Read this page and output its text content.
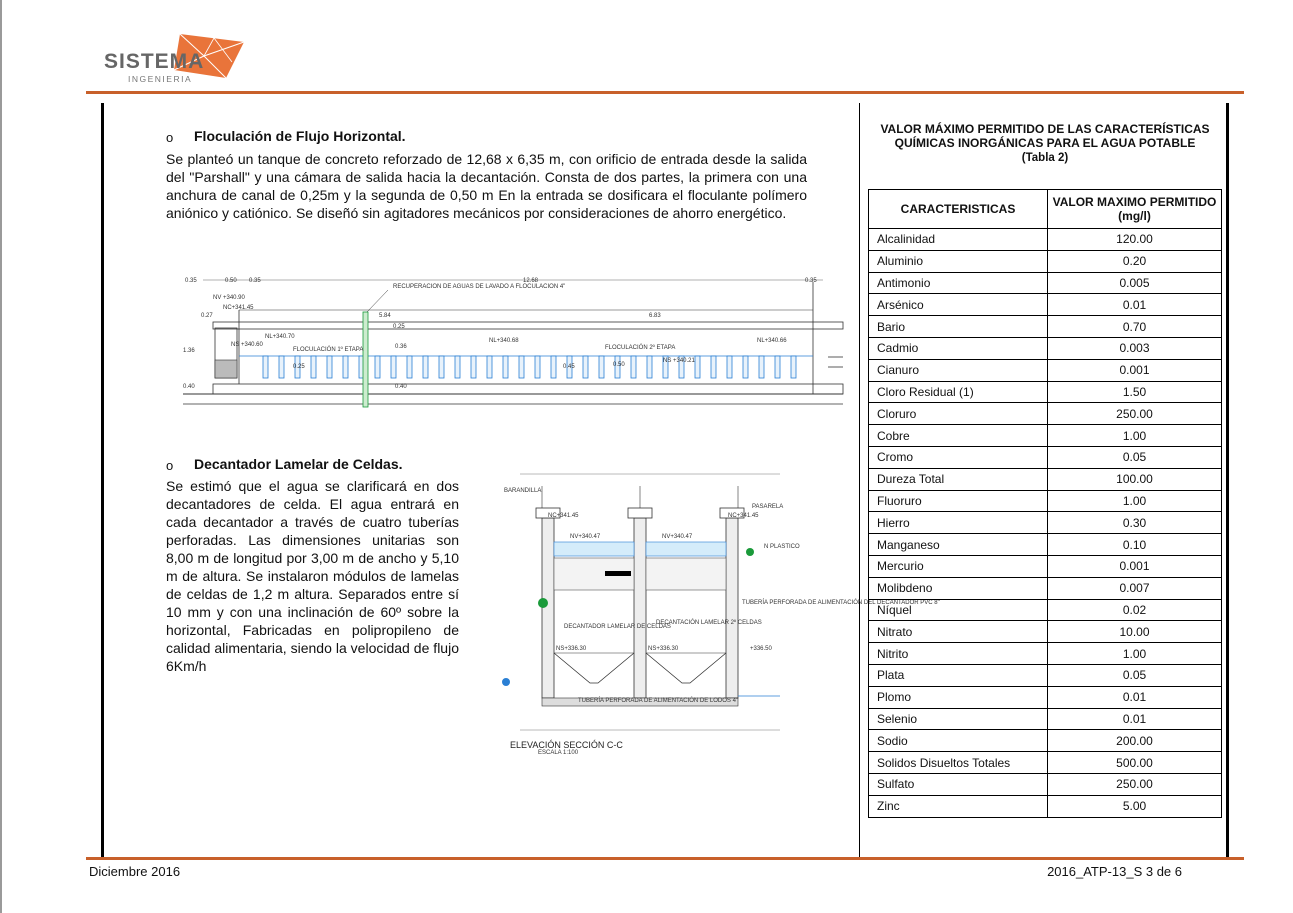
SISTEMA
INGENIERIA
o Floculación de Flujo Horizontal.
Se planteó un tanque de concreto reforzado de 12,68 x 6,35 m, con orificio de entrada desde la salida del "Parshall" y una cámara de salida hacia la decantación. Consta de dos partes, la primera con una anchura de canal de 0,25m y la segunda de 0,50 m En la entrada se dosificara el floculante polímero aniónico y catiónico. Se diseñó sin agitadores mecánicos por consideraciones de ahorro energético.
0.35	0.50 0.35	12.68	0.35
NV +340.90
NC+341.45
0.27
1.36
0.40
NS +340.60
NL+340.70
FLOCULACIÓN 1º ETAPA	FLOCULACIÓN 2º ETAPA
NL+340.68	NL+340.66
NS +340.21
RECUPERACION DE AGUAS DE LAVADO A FLOCULACION 4"
5.84	6.83
0.25
0.36
0.45	0.50
0.25
0.40
o Decantador Lamelar de Celdas.
Se estimó que el agua se clarificará en dos decantadores de celda. El agua entrará en cada decantador a través de cuatro tuberías perforadas. Las dimensiones unitarias son 8,00 m de longitud por 3,00 m de ancho y 5,10 m de altura. Se instalaron módulos de lamelas de celdas de 1,2 m altura. Separados entre sí 10 mm y con una inclinación de 60º sobre la horizontal, Fabricadas en polipropileno de calidad alimentaria, siendo la velocidad de flujo 6Km/h
BARANDILLA
PASARELA
NC+341.45	NC+341.45
NV+340.47	NV+340.47
N PLASTICO
DECANTADOR LAMELAR DE CELDAS
DECANTACIÓN LAMELAR 2º CELDAS
TUBERÍA PERFORADA DE ALIMENTACIÓN DEL DECANTADOR PVC 8"
NS+336.30	NS+336.30	+336.50
TUBERÍA PERFORADA DE ALIMENTACIÓN DE LODOS 4"
ELEVACIÓN SECCIÓN C-C
ESCALA 1:100
VALOR MÁXIMO PERMITIDO DE LAS CARACTERÍSTICAS QUÍMICAS INORGÁNICAS PARA EL AGUA POTABLE
(Tabla 2)
CARACTERISTICAS	VALOR MAXIMO PERMITIDO (mg/l)
Alcalinidad	120.00
Aluminio	0.20
Antimonio	0.005
Arsénico	0.01
Bario	0.70
Cadmio	0.003
Cianuro	0.001
Cloro Residual (1)	1.50
Cloruro	250.00
Cobre	1.00
Cromo	0.05
Dureza Total	100.00
Fluoruro	1.00
Hierro	0.30
Manganeso	0.10
Mercurio	0.001
Molibdeno	0.007
Níquel	0.02
Nitrato	10.00
Nitrito	1.00
Plata	0.05
Plomo	0.01
Selenio	0.01
Sodio	200.00
Solidos Disueltos Totales	500.00
Sulfato	250.00
Zinc	5.00
Diciembre 2016	2016_ATP-13_S 3 de 6
